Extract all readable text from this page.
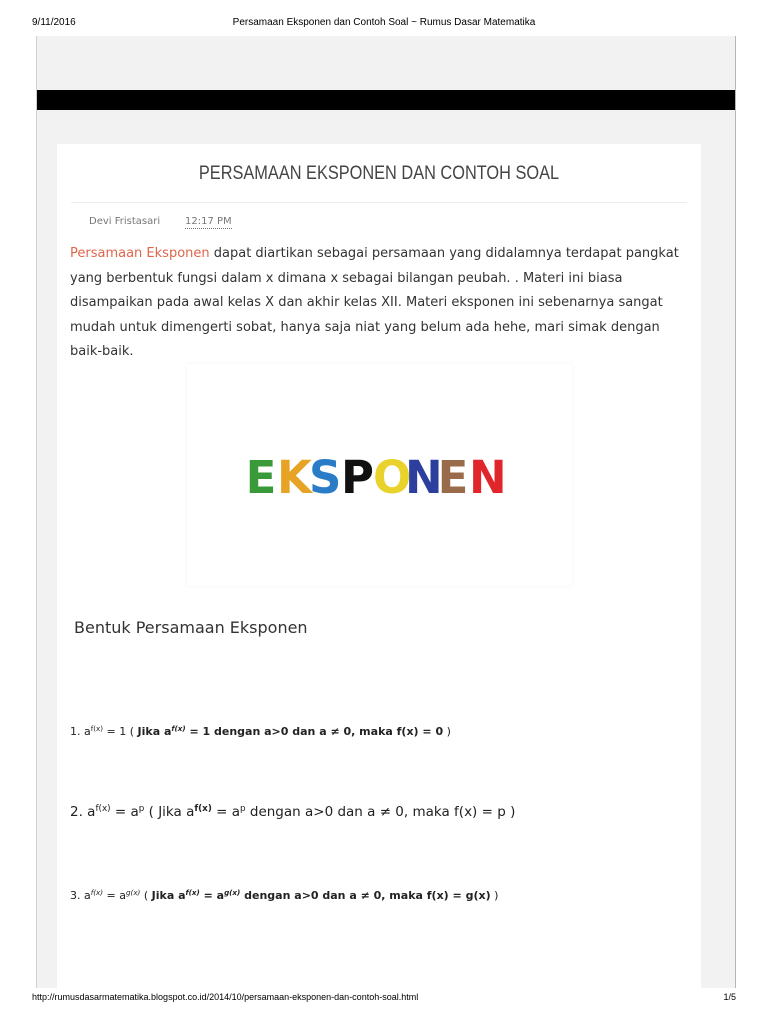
9/11/2016	Persamaan Eksponen dan Contoh Soal ~ Rumus Dasar Matematika
PERSAMAAN EKSPONEN DAN CONTOH SOAL
Devi Fristasari 12:17 PM
Persamaan Eksponen dapat diartikan sebagai persamaan yang didalamnya terdapat pangkat yang berbentuk fungsi dalam x dimana x sebagai bilangan peubah. . Materi ini biasa disampaikan pada awal kelas X dan akhir kelas XII. Materi eksponen ini sebenarnya sangat mudah untuk dimengerti sobat, hanya saja niat yang belum ada hehe, mari simak dengan baik-baik.
E K
S P O
N
E N
Bentuk Persamaan Eksponen
1. $a^{f(x)} = 1$ ( Jika $a^{f(x)} = 1$ dengan a>0 dan a ≠ 0, maka f(x) = 0 )
2. $a^{f(x)} = a^p$ ( Jika $a^{f(x)} = a^p$ dengan a>0 dan a ≠ 0, maka f(x) = p )
3. $a^{f(x)} = a^{g(x)}$ ( Jika $a^{f(x)} = a^{g(x)}$ dengan a>0 dan a ≠ 0, maka f(x) = g(x) )
http://rumusdasarmatematika.blogspot.co.id/2014/10/persamaan-eksponen-dan-contoh-soal.html	1/5
